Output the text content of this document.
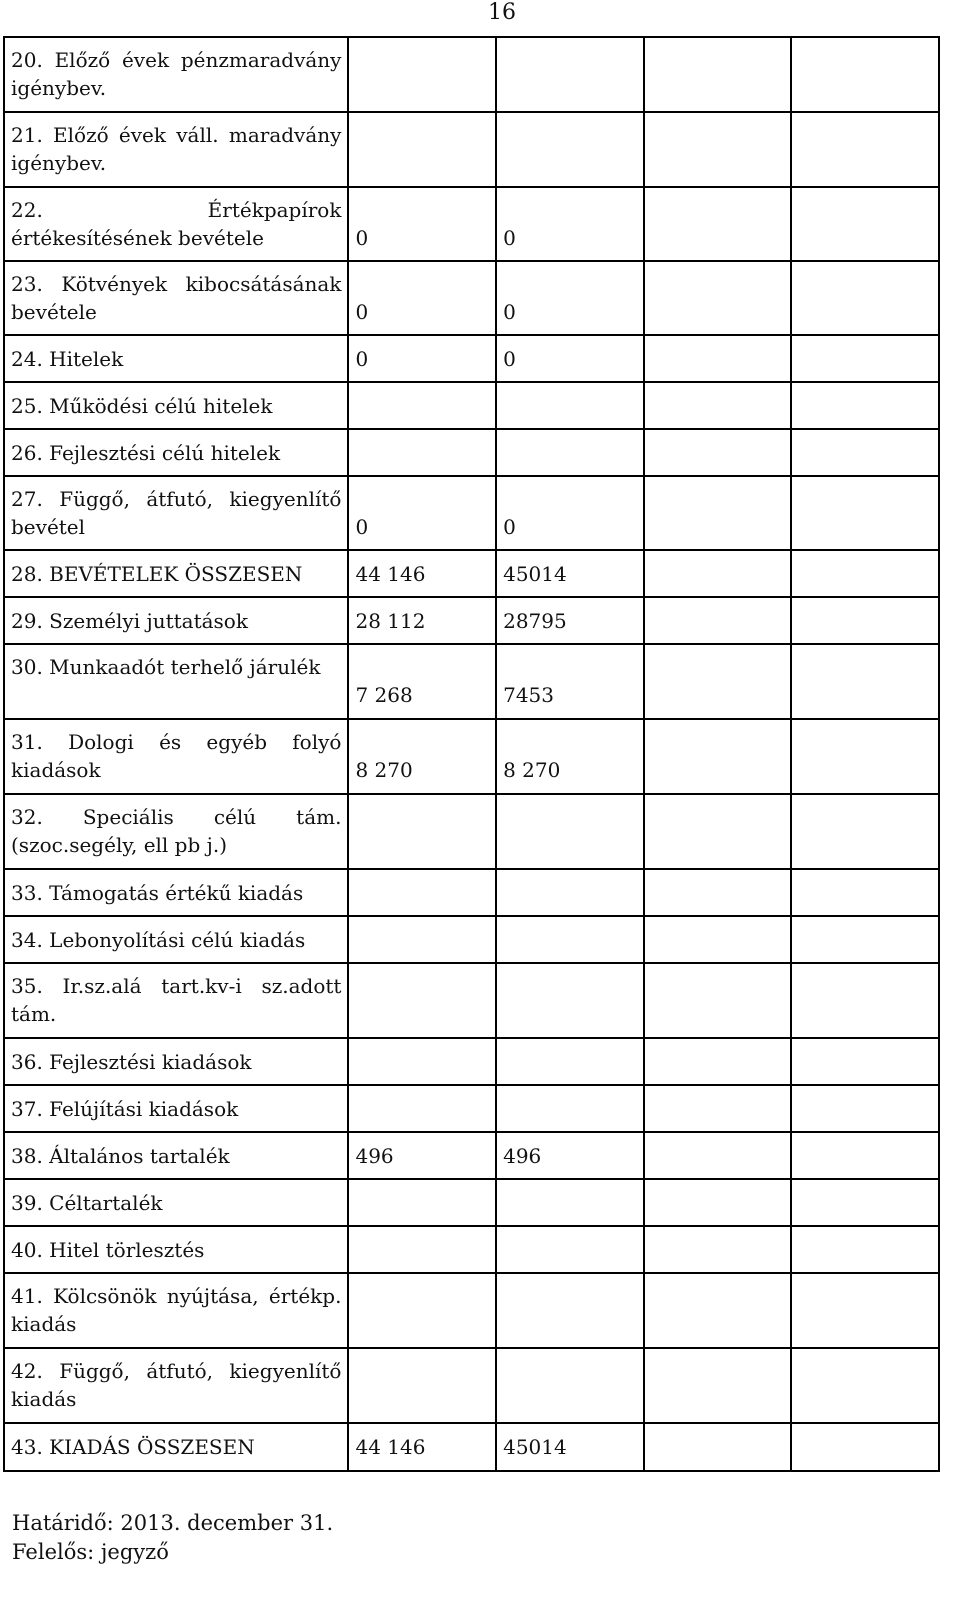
16
20. Előző évek pénzmaradvány igénybev.				

21. Előző évek váll. maradvány igénybev.				

22. Értékpapírok értékesítésének bevétele	0	0		

23. Kötvények kibocsátásának bevétele	0	0		

24. Hitelek	0	0		

25. Működési célú hitelek				

26. Fejlesztési célú hitelek				

27. Függő, átfutó, kiegyenlítő bevétel	0	0		

28. BEVÉTELEK ÖSSZESEN	44 146	45014		

29. Személyi juttatások	28 112	28795		

30. Munkaadót terhelő járulék	7 268	7453		

31. Dologi és egyéb folyó kiadások	8 270	8 270		

32. Speciális célú tám. (szoc.segély, ell pb j.)				

33. Támogatás értékű kiadás				

34. Lebonyolítási célú kiadás				

35. Ir.sz.alá tart.kv-i sz.adott tám.				

36. Fejlesztési kiadások				

37. Felújítási kiadások				

38. Általános tartalék	496	496		

39. Céltartalék				

40. Hitel törlesztés				

41. Kölcsönök nyújtása, értékp. kiadás				

42. Függő, átfutó, kiegyenlítő kiadás				

43. KIADÁS ÖSSZESEN	44 146	45014		

Határidő: 2013. december 31.
Felelős: jegyző
